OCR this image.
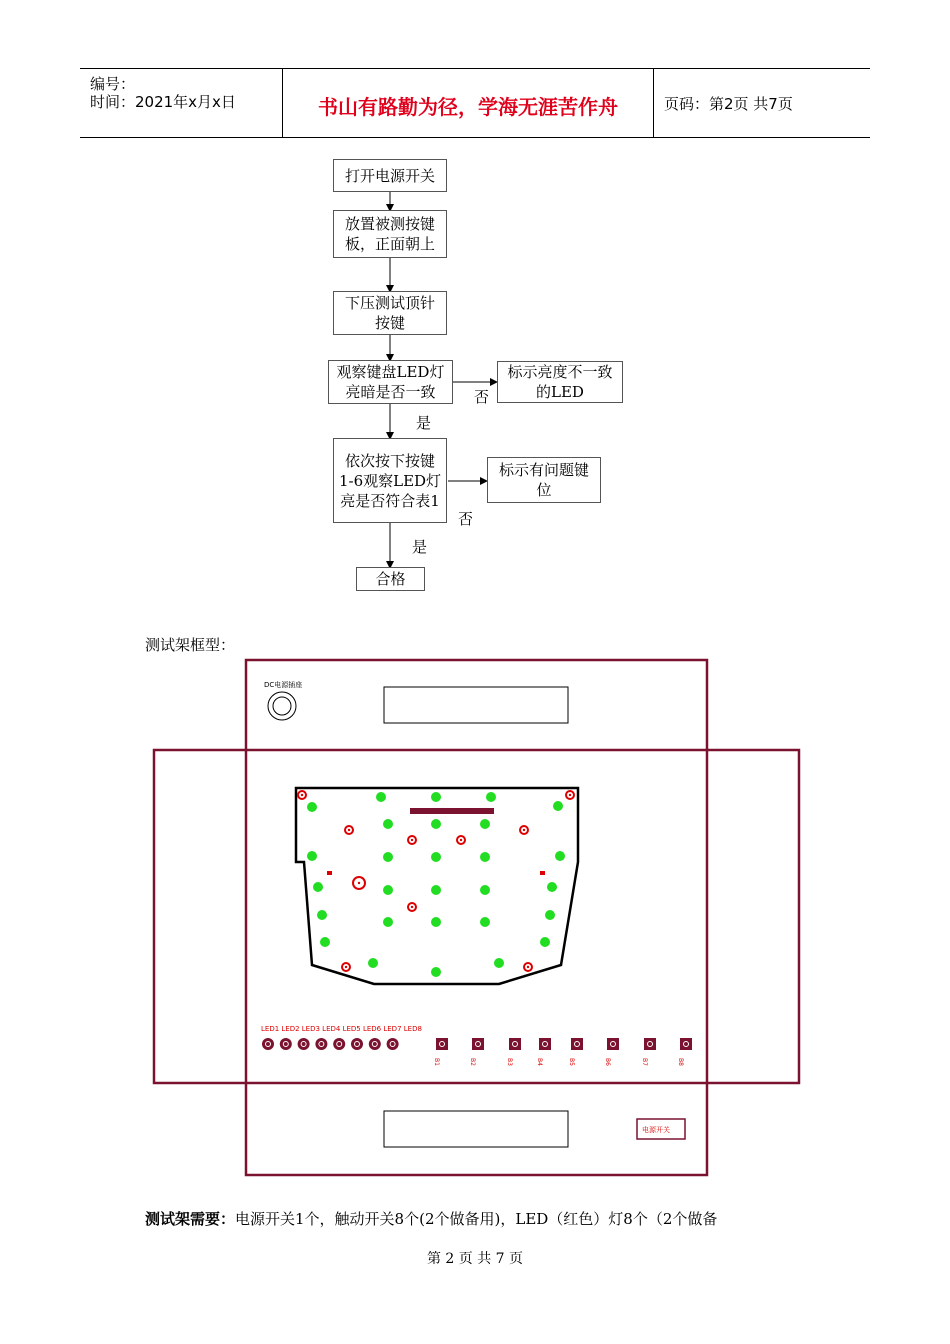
编号：
时间：2021年x月x日	书山有路勤为径，学海无涯苦作舟	页码：第2页 共7页
打开电源开关
放置被测按键
板，正面朝上
下压测试顶针
按键
观察键盘LED灯
亮暗是否一致
标示亮度不一致
的LED
否
是
依次按下按键
1-6观察LED灯
亮是否符合表1
标示有问题键
位
否
是
合格
测试架框型：
DC电源插座
LED1 LED2 LED3 LED4 LED5 LED6 LED7 LED8
B1	B2	B3	B4	B5	B6	B7	B8
电源开关
测试架需要：电源开关1个，触动开关8个(2个做备用)，LED（红色）灯8个（2个做备
第 2 页 共 7 页
